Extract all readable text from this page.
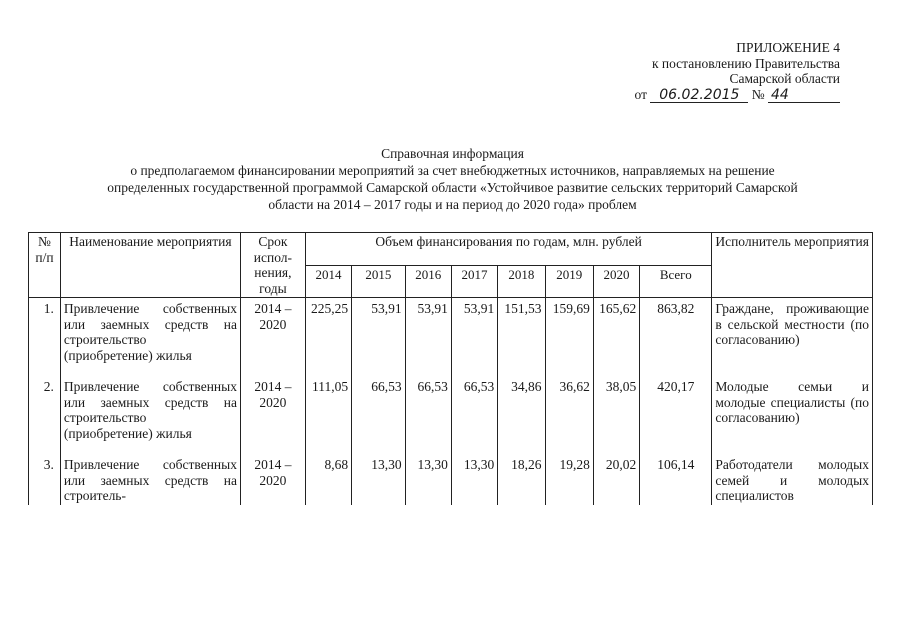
ПРИЛОЖЕНИЕ 4
к постановлению Правительства
Самарской области
от 06.02.2015 № 44
Справочная информация
о предполагаемом финансировании мероприятий за счет внебюджетных источников, направляемых на решение
определенных государственной программой Самарской области «Устойчивое развитие сельских территорий Самарской
области на 2014 – 2017 годы и на период до 2020 года» проблем
№ п/п	Наименование мероприятия	Срок испол-нения, годы	Объем финансирования по годам, млн. рублей								Исполнитель мероприятия
			2014	2015	2016	2017	2018	2019	2020	Всего	
1.	Привлечение собственных или заемных средств на строительство (приобретение) жилья	2014 – 2020	225,25	53,91	53,91	53,91	151,53	159,69	165,62	863,82	Граждане, проживающие в сельской местности (по согласованию)
2.	Привлечение собственных или заемных средств на строительство (приобретение) жилья	2014 – 2020	111,05	66,53	66,53	66,53	34,86	36,62	38,05	420,17	Молодые семьи и молодые специалисты (по согласованию)
3.	Привлечение собственных или заемных средств на строитель-	2014 – 2020	8,68	13,30	13,30	13,30	18,26	19,28	20,02	106,14	Работодатели молодых семей и молодых специалистов
